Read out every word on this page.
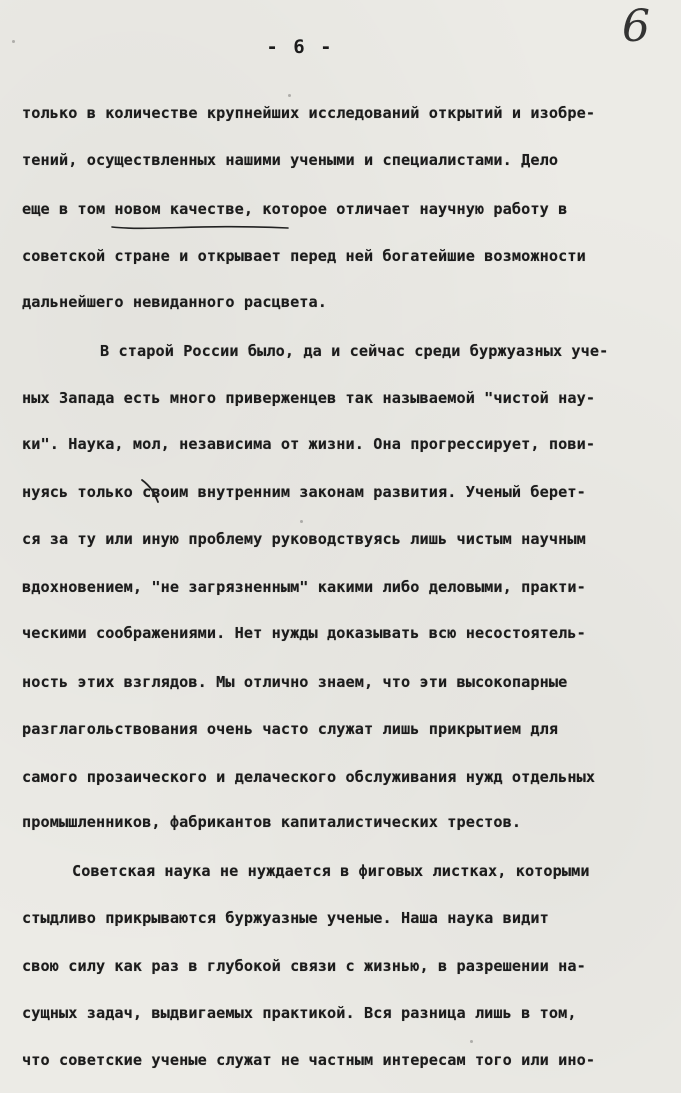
- 6 -	6
только в количестве крупнейших исследований открытий и изобре-
тений, осуществленных нашими учеными и специалистами. Дело
еще в том новом качестве, которое отличает научную работу в
советской стране и открывает перед ней богатейшие возможности
дальнейшего невиданного расцвета.
В старой России было, да и сейчас среди буржуазных уче-
ных Запада есть много приверженцев так называемой "чистой нау-
ки". Наука, мол, независима от жизни. Она прогрессирует, пови-
нуясь только своим внутренним законам развития. Ученый берет-
ся за ту или иную проблему руководствуясь лишь чистым научным
вдохновением, "не загрязненным" какими либо деловыми, практи-
ческими соображениями. Нет нужды доказывать всю несостоятель-
ность этих взглядов. Мы отлично знаем, что эти высокопарные
разглагольствования очень часто служат лишь прикрытием для
самого прозаического и делаческого обслуживания нужд отдельных
промышленников, фабрикантов капиталистических трестов.
Советская наука не нуждается в фиговых листках, которыми
стыдливо прикрываются буржуазные ученые. Наша наука видит
свою силу как раз в глубокой связи с жизнью, в разрешении на-
сущных задач, выдвигаемых практикой. Вся разница лишь в том,
что советские ученые служат не частным интересам того или ино-
